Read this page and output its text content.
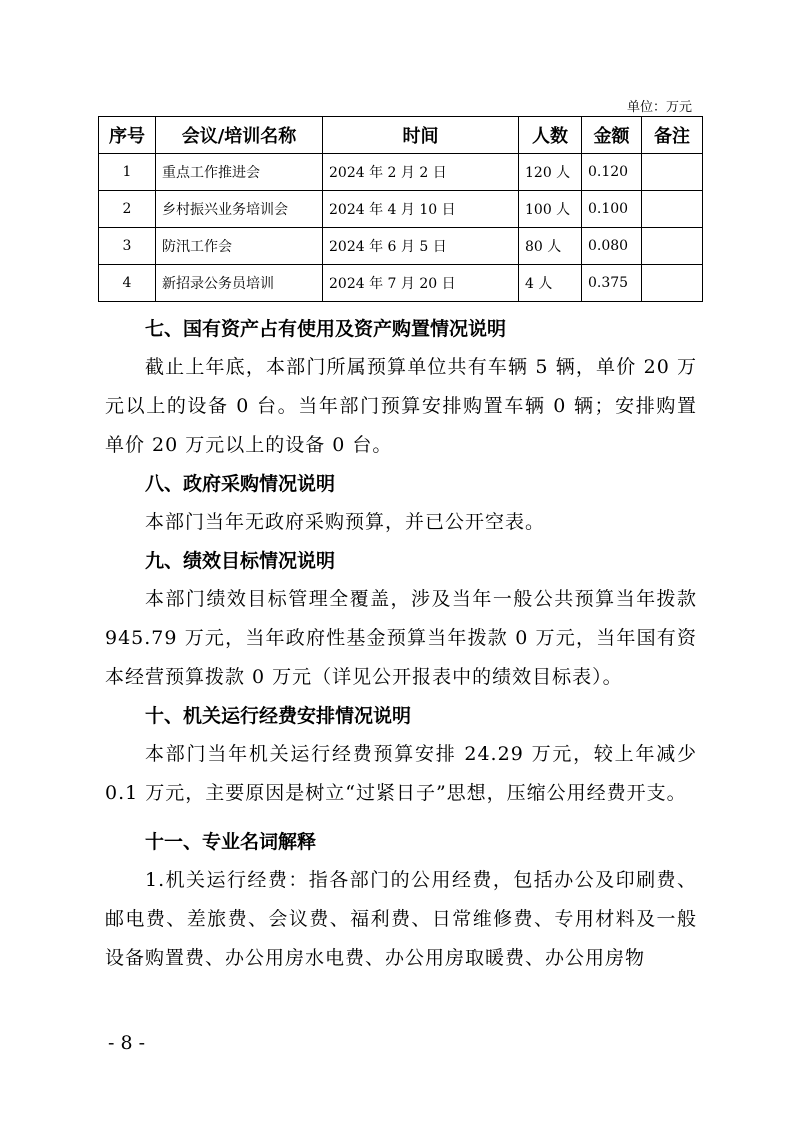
单位：万元
序号	会议/培训名称	时间	人数	金额	备注
1	重点工作推进会	2024 年 2 月 2 日	120 人	0.120	
2	乡村振兴业务培训会	2024 年 4 月 10 日	100 人	0.100	
3	防汛工作会	2024 年 6 月 5 日	80 人	0.080	
4	新招录公务员培训	2024 年 7 月 20 日	4 人	0.375	
七、国有资产占有使用及资产购置情况说明

截止上年底，本部门所属预算单位共有车辆 5 辆，单价 20 万元以上的设备 0 台。当年部门预算安排购置车辆 0 辆；安排购置单价 20 万元以上的设备 0 台。

八、政府采购情况说明

本部门当年无政府采购预算，并已公开空表。

九、绩效目标情况说明

本部门绩效目标管理全覆盖，涉及当年一般公共预算当年拨款 945.79 万元，当年政府性基金预算当年拨款 0 万元，当年国有资本经营预算拨款 0 万元（详见公开报表中的绩效目标表）。

十、机关运行经费安排情况说明

本部门当年机关运行经费预算安排 24.29 万元，较上年减少 0.1 万元，主要原因是树立“过紧日子”思想，压缩公用经费开支。

十一、专业名词解释

1.机关运行经费：指各部门的公用经费，包括办公及印刷费、邮电费、差旅费、会议费、福利费、日常维修费、专用材料及一般设备购置费、办公用房水电费、办公用房取暖费、办公用房物

- 8 -
